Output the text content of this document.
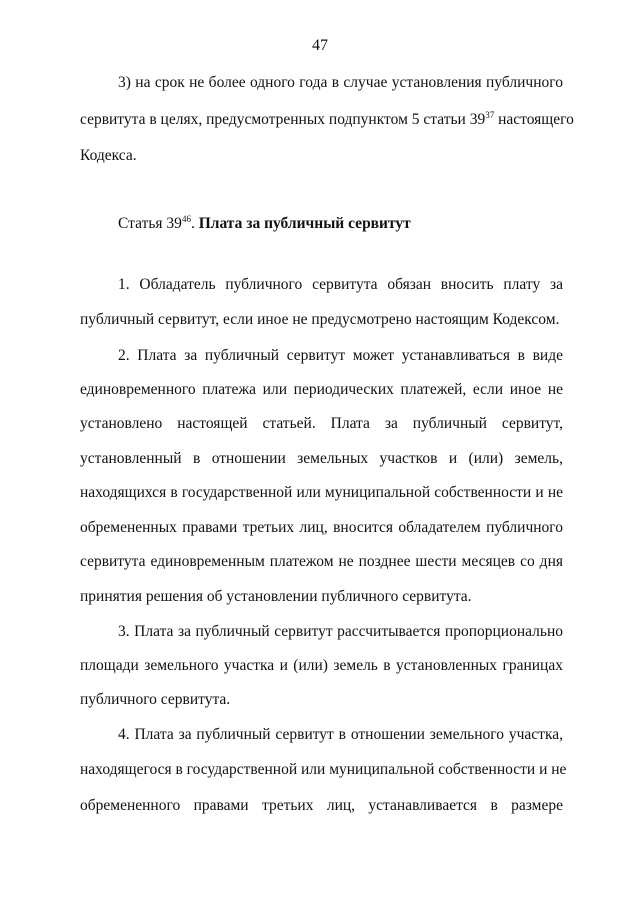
47
3) на срок не более одного года в случае установления публичного
сервитута в целях, предусмотренных подпунктом 5 статьи $39^{37}$ настоящего
Кодекса.
Статья $39^{46}$. Плата за публичный сервитут
1. Обладатель публичного сервитута обязан вносить плату за
публичный сервитут, если иное не предусмотрено настоящим Кодексом.
2. Плата за публичный сервитут может устанавливаться в виде
единовременного платежа или периодических платежей, если иное не
установлено настоящей статьей. Плата за публичный сервитут,
установленный в отношении земельных участков и (или) земель,
находящихся в государственной или муниципальной собственности и не
обремененных правами третьих лиц, вносится обладателем публичного
сервитута единовременным платежом не позднее шести месяцев со дня
принятия решения об установлении публичного сервитута.
3. Плата за публичный сервитут рассчитывается пропорционально
площади земельного участка и (или) земель в установленных границах
публичного сервитута.
4. Плата за публичный сервитут в отношении земельного участка,
находящегося в государственной или муниципальной собственности и не
обремененного правами третьих лиц, устанавливается в размере
